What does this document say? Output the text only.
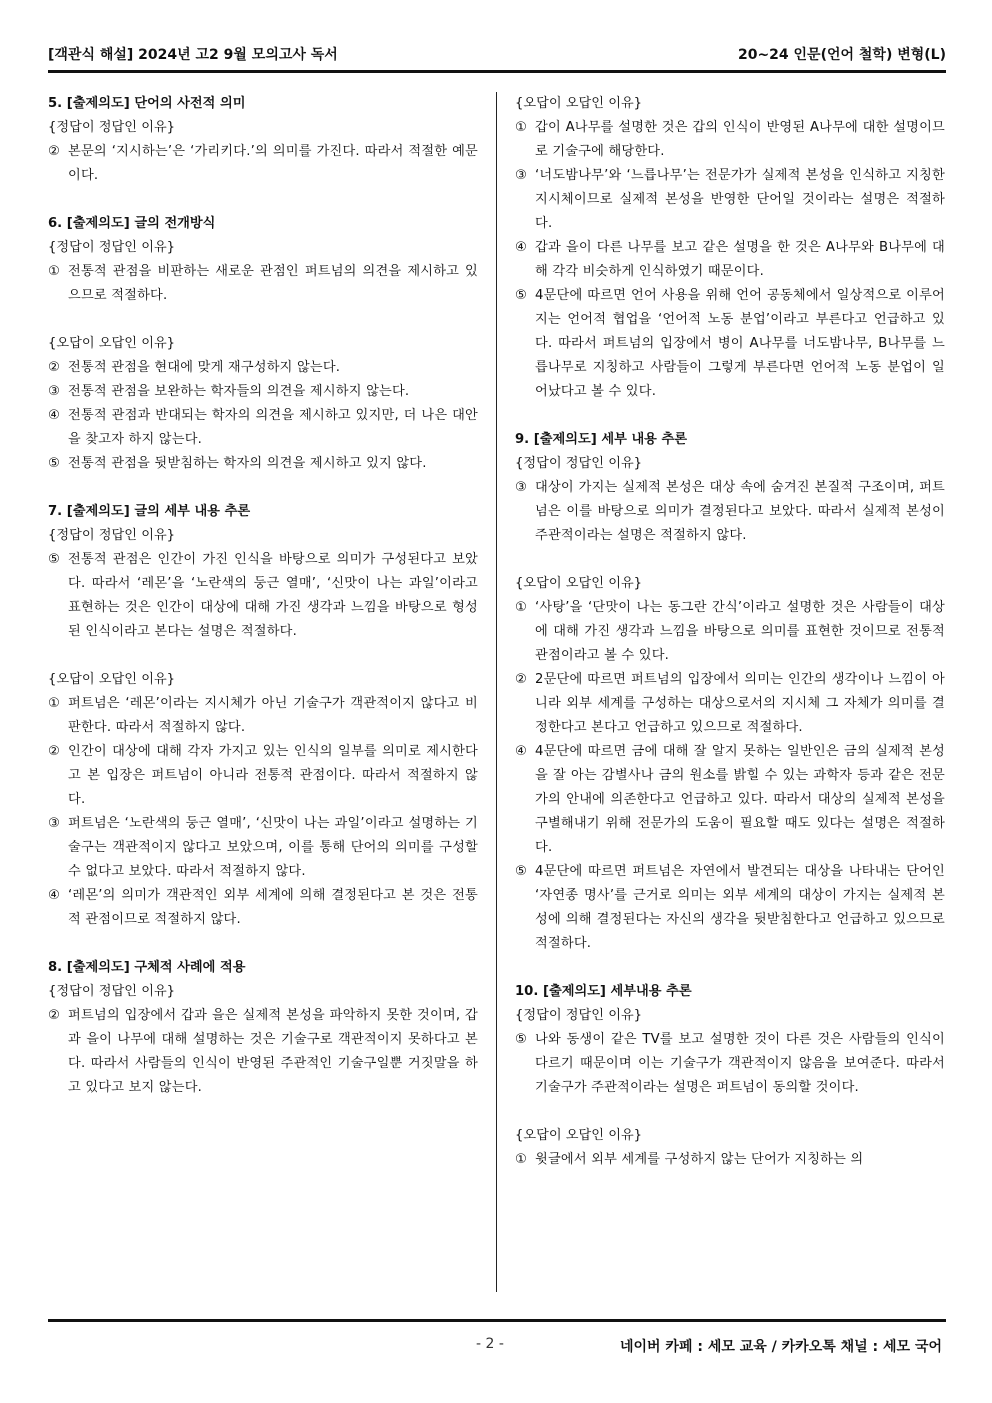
[객관식 해설] 2024년 고2 9월 모의고사 독서	20~24 인문(언어 철학) 변형(L)
5. [출제의도] 단어의 사전적 의미
{정답이 정답인 이유}
② 본문의 ‘지시하는’은 ‘가리키다.’의 의미를 가진다. 따라서 적절한 예문이다.
6. [출제의도] 글의 전개방식
{정답이 정답인 이유}
① 전통적 관점을 비판하는 새로운 관점인 퍼트넘의 의견을 제시하고 있으므로 적절하다.
{오답이 오답인 이유}
② 전통적 관점을 현대에 맞게 재구성하지 않는다.
③ 전통적 관점을 보완하는 학자들의 의견을 제시하지 않는다.
④ 전통적 관점과 반대되는 학자의 의견을 제시하고 있지만, 더 나은 대안을 찾고자 하지 않는다.
⑤ 전통적 관점을 뒷받침하는 학자의 의견을 제시하고 있지 않다.
7. [출제의도] 글의 세부 내용 추론
{정답이 정답인 이유}
⑤ 전통적 관점은 인간이 가진 인식을 바탕으로 의미가 구성된다고 보았다. 따라서 ‘레몬’을 ‘노란색의 둥근 열매’, ‘신맛이 나는 과일’이라고 표현하는 것은 인간이 대상에 대해 가진 생각과 느낌을 바탕으로 형성된 인식이라고 본다는 설명은 적절하다.
{오답이 오답인 이유}
① 퍼트넘은 ‘레몬’이라는 지시체가 아닌 기술구가 객관적이지 않다고 비판한다. 따라서 적절하지 않다.
② 인간이 대상에 대해 각자 가지고 있는 인식의 일부를 의미로 제시한다고 본 입장은 퍼트넘이 아니라 전통적 관점이다. 따라서 적절하지 않다.
③ 퍼트넘은 ‘노란색의 둥근 열매’, ‘신맛이 나는 과일’이라고 설명하는 기술구는 객관적이지 않다고 보았으며, 이를 통해 단어의 의미를 구성할 수 없다고 보았다. 따라서 적절하지 않다.
④ ‘레몬’의 의미가 객관적인 외부 세계에 의해 결정된다고 본 것은 전통적 관점이므로 적절하지 않다.
8. [출제의도] 구체적 사례에 적용
{정답이 정답인 이유}
② 퍼트넘의 입장에서 갑과 을은 실제적 본성을 파악하지 못한 것이며, 갑과 을이 나무에 대해 설명하는 것은 기술구로 객관적이지 못하다고 본다. 따라서 사람들의 인식이 반영된 주관적인 기술구일뿐 거짓말을 하고 있다고 보지 않는다.
{오답이 오답인 이유}
① 갑이 A나무를 설명한 것은 갑의 인식이 반영된 A나무에 대한 설명이므로 기술구에 해당한다.
③ ‘너도밤나무’와 ‘느릅나무’는 전문가가 실제적 본성을 인식하고 지칭한 지시체이므로 실제적 본성을 반영한 단어일 것이라는 설명은 적절하다.
④ 갑과 을이 다른 나무를 보고 같은 설명을 한 것은 A나무와 B나무에 대해 각각 비슷하게 인식하였기 때문이다.
⑤ 4문단에 따르면 언어 사용을 위해 언어 공동체에서 일상적으로 이루어지는 언어적 협업을 ‘언어적 노동 분업’이라고 부른다고 언급하고 있다. 따라서 퍼트넘의 입장에서 병이 A나무를 너도밤나무, B나무를 느릅나무로 지칭하고 사람들이 그렇게 부른다면 언어적 노동 분업이 일어났다고 볼 수 있다.
9. [출제의도] 세부 내용 추론
{정답이 정답인 이유}
③ 대상이 가지는 실제적 본성은 대상 속에 숨겨진 본질적 구조이며, 퍼트넘은 이를 바탕으로 의미가 결정된다고 보았다. 따라서 실제적 본성이 주관적이라는 설명은 적절하지 않다.
{오답이 오답인 이유}
① ‘사탕’을 ‘단맛이 나는 동그란 간식’이라고 설명한 것은 사람들이 대상에 대해 가진 생각과 느낌을 바탕으로 의미를 표현한 것이므로 전통적 관점이라고 볼 수 있다.
② 2문단에 따르면 퍼트넘의 입장에서 의미는 인간의 생각이나 느낌이 아니라 외부 세계를 구성하는 대상으로서의 지시체 그 자체가 의미를 결정한다고 본다고 언급하고 있으므로 적절하다.
④ 4문단에 따르면 금에 대해 잘 알지 못하는 일반인은 금의 실제적 본성을 잘 아는 감별사나 금의 원소를 밝힐 수 있는 과학자 등과 같은 전문가의 안내에 의존한다고 언급하고 있다. 따라서 대상의 실제적 본성을 구별해내기 위해 전문가의 도움이 필요할 때도 있다는 설명은 적절하다.
⑤ 4문단에 따르면 퍼트넘은 자연에서 발견되는 대상을 나타내는 단어인 ‘자연종 명사’를 근거로 의미는 외부 세계의 대상이 가지는 실제적 본성에 의해 결정된다는 자신의 생각을 뒷받침한다고 언급하고 있으므로 적절하다.
10. [출제의도] 세부내용 추론
{정답이 정답인 이유}
⑤ 나와 동생이 같은 TV를 보고 설명한 것이 다른 것은 사람들의 인식이 다르기 때문이며 이는 기술구가 객관적이지 않음을 보여준다. 따라서 기술구가 주관적이라는 설명은 퍼트넘이 동의할 것이다.
{오답이 오답인 이유}
① 윗글에서 외부 세계를 구성하지 않는 단어가 지칭하는 의
- 2 -	네이버 카페 : 세모 교육 / 카카오톡 채널 : 세모 국어
